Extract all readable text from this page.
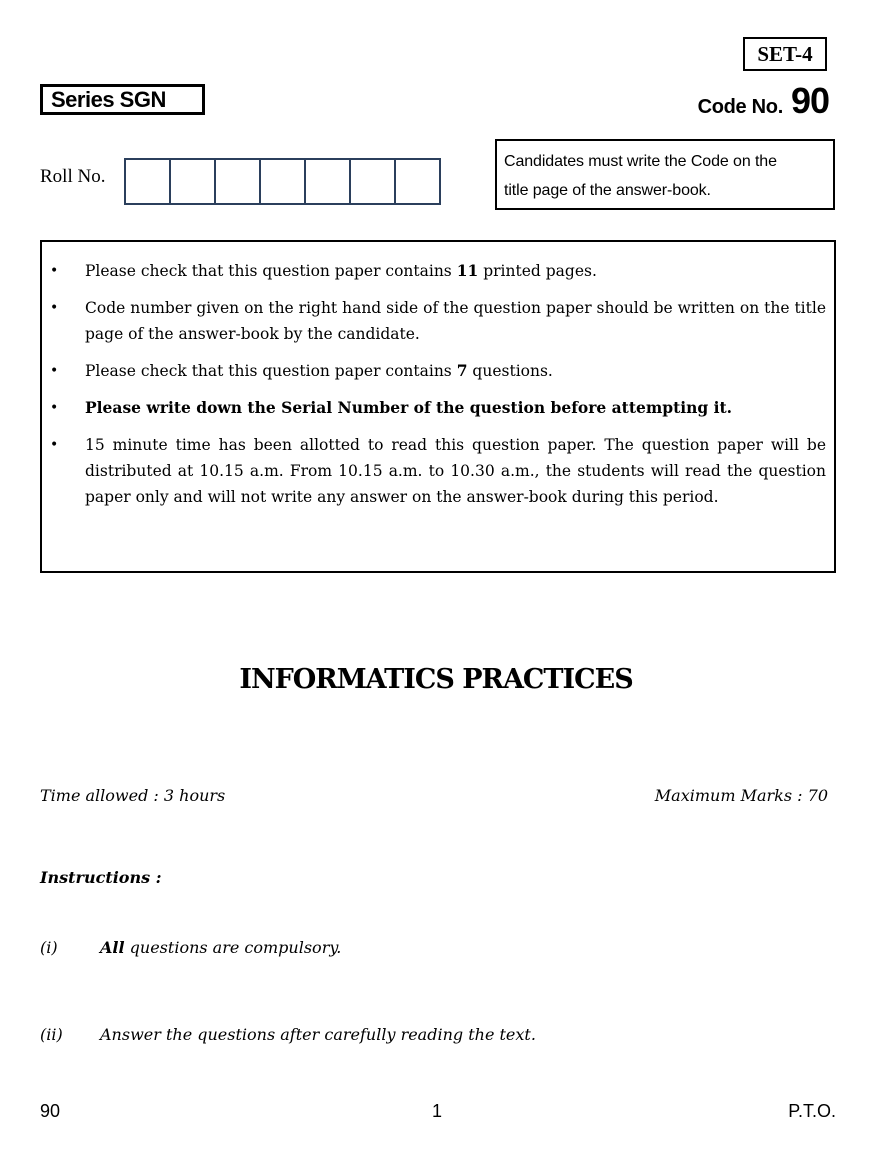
SET-4
Series SGN	Code No. 90
Roll No.
Candidates must write the Code on the
title page of the answer-book.
•	Please check that this question paper contains 11 printed pages.
•	Code number given on the right hand side of the question paper should be written on the title page of the answer-book by the candidate.
•	Please check that this question paper contains 7 questions.
•	Please write down the Serial Number of the question before attempting it.
•	15 minute time has been allotted to read this question paper. The question paper will be distributed at 10.15 a.m. From 10.15 a.m. to 10.30 a.m., the students will read the question paper only and will not write any answer on the answer-book during this period.
INFORMATICS PRACTICES
Time allowed : 3 hours	Maximum Marks : 70
Instructions :
(i)	All questions are compulsory.
(ii)	Answer the questions after carefully reading the text.
90	1	P.T.O.
